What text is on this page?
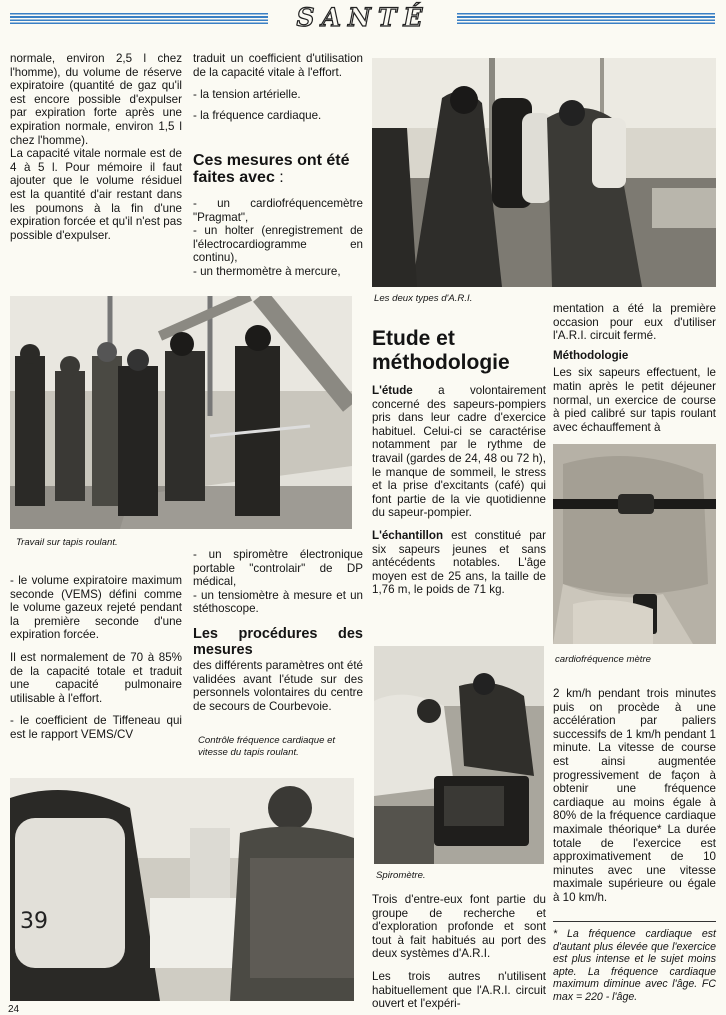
SANTÉ

normale, environ 2,5 l chez l'homme), du volume de réserve expiratoire (quantité de gaz qu'il est encore possible d'expulser par expiration forte après une expiration normale, environ 1,5 l chez l'homme).

La capacité vitale normale est de 4 à 5 l. Pour mémoire il faut ajouter que le volume résiduel est la quantité d'air restant dans les poumons à la fin d'une expiration forcée et qu'il n'est pas possible d'expulser.

traduit un coefficient d'utilisation de la capacité vitale à l'effort.

- la tension artérielle.

- la fréquence cardiaque.

Ces mesures ont été faites avec :

- un cardiofréquencemètre "Pragmat",

- un holter (enregistrement de l'électrocardiogramme en continu),

- un thermomètre à mercure,

Les deux types d'A.R.I.
Travail sur tapis roulant.

- le volume expiratoire maximum seconde (VEMS) défini comme le volume gazeux rejeté pendant la première seconde d'une expiration forcée.

Il est normalement de 70 à 85% de la capacité totale et traduit une capacité pulmonaire utilisable à l'effort.

- le coefficient de Tiffeneau qui est le rapport VEMS/CV

- un spiromètre électronique portable "controlair" de DP médical,

- un tensiomètre à mesure et un stéthoscope.

Les procédures des mesures

des différents paramètres ont été validées avant l'étude sur des personnels volontaires du centre de secours de Courbevoie.

Contrôle fréquence cardiaque et vitesse du tapis roulant.
39
Etude et
méthodologie

L'étude a volontairement concerné des sapeurs-pompiers pris dans leur cadre d'exercice habituel. Celui-ci se caractérise notamment par le rythme de travail (gardes de 24, 48 ou 72 h), le manque de sommeil, le stress et la prise d'excitants (café) qui font partie de la vie quotidienne du sapeur-pompier.

L'échantillon est constitué par six sapeurs jeunes et sans antécédents notables. L'âge moyen est de 25 ans, la taille de 1,76 m, le poids de 71 kg.

Spiromètre.

Trois d'entre-eux font partie du groupe de recherche et d'exploration profonde et sont tout à fait habitués au port des deux systèmes d'A.R.I.

Les trois autres n'utilisent habituellement que l'A.R.I. circuit ouvert et l'expéri-

mentation a été la première occasion pour eux d'utiliser l'A.R.I. circuit fermé.

Méthodologie

Les six sapeurs effectuent, le matin après le petit déjeuner normal, un exercice de course à pied calibré sur tapis roulant avec échauffement à

cardiofréquence mètre

2 km/h pendant trois minutes puis on procède à une accélération par paliers successifs de 1 km/h pendant 1 minute. La vitesse de course est ainsi augmentée progressivement de façon à obtenir une fréquence cardiaque au moins égale à 80% de la fréquence cardiaque maximale théorique* La durée totale de l'exercice est approximativement de 10 minutes avec une vitesse maximale supérieure ou égale à 10 km/h.

* La fréquence cardiaque est d'autant plus élevée que l'exercice est plus intense et le sujet moins apte. La fréquence cardiaque maximum diminue avec l'âge. FC max = 220 - l'âge.
24
